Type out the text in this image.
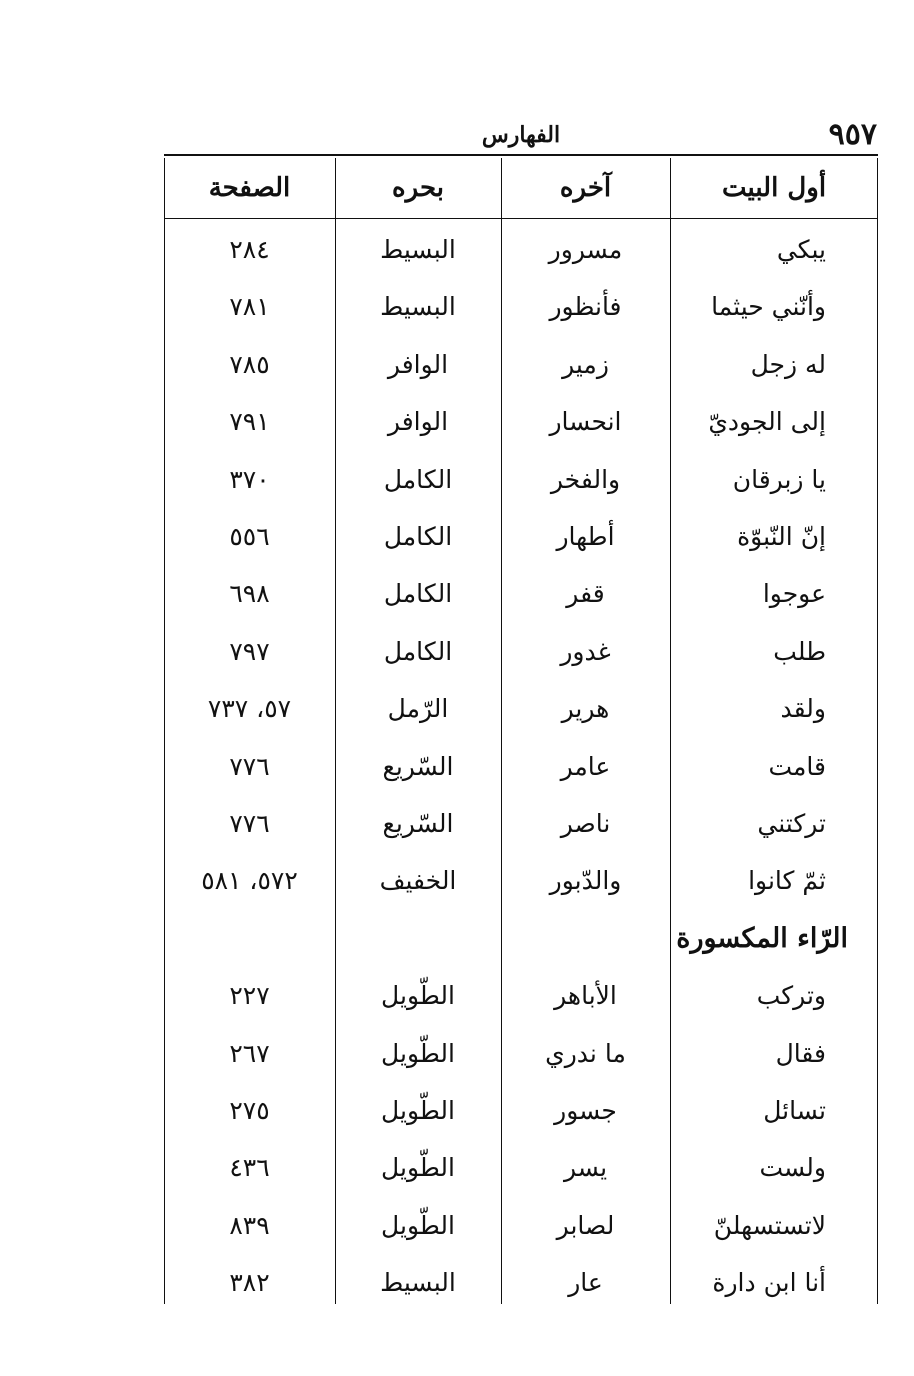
٩٥٧
الفهارس
أول البيت
آخره
بحره
الصفحة
يبكي
مسرور
البسيط
٢٨٤
وأنّني حيثما
فأنظور
البسيط
٧٨١
له زجل
زمير
الوافر
٧٨٥
إلى الجوديّ
انحسار
الوافر
٧٩١
يا زبرقان
والفخر
الكامل
٣٧٠
إنّ النّبوّة
أطهار
الكامل
٥٥٦
عوجوا
قفر
الكامل
٦٩٨
طلب
غدور
الكامل
٧٩٧
ولقد
هرير
الرّمل
٥٧، ٧٣٧
قامت
عامر
السّريع
٧٧٦
تركتني
ناصر
السّريع
٧٧٦
ثمّ كانوا
والدّبور
الخفيف
٥٧٢، ٥٨١
الرّاء المكسورة
وتركب
الأباهر
الطّويل
٢٢٧
فقال
ما ندري
الطّويل
٢٦٧
تسائل
جسور
الطّويل
٢٧٥
ولست
يسر
الطّويل
٤٣٦
لاتستسهلنّ
لصابر
الطّويل
٨٣٩
أنا ابن دارة
عار
البسيط
٣٨٢
